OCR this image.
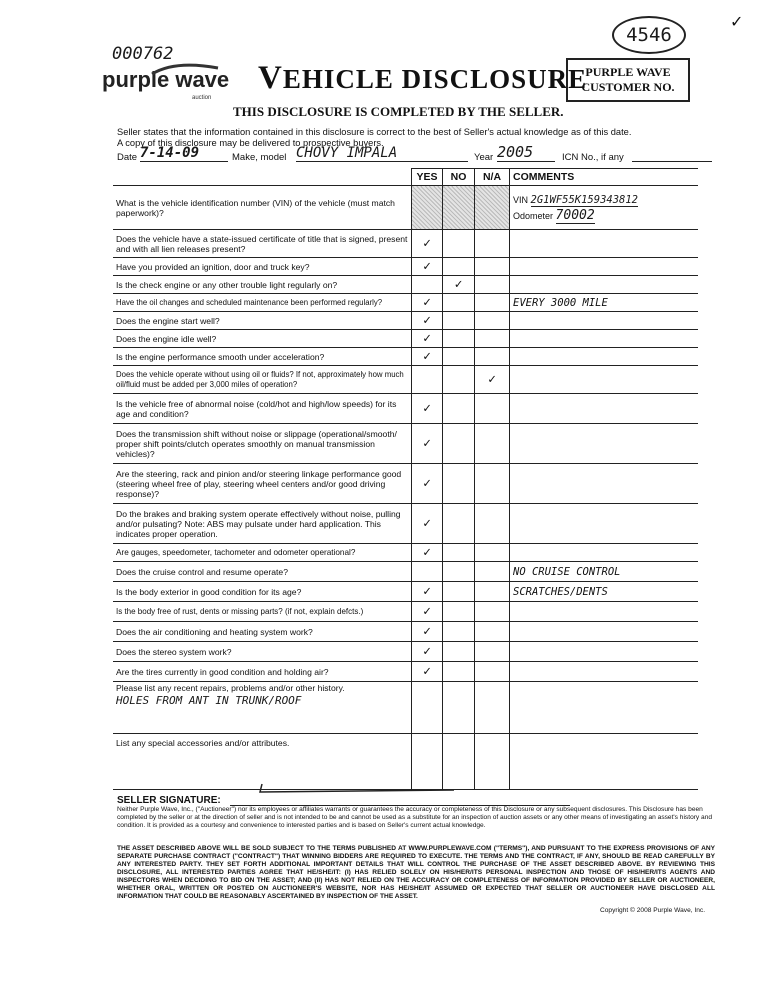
000762
4546
✓
purple wave
auction
VEHICLE DISCLOSURE
PURPLE WAVE
CUSTOMER NO.
THIS DISCLOSURE IS COMPLETED BY THE SELLER.
Seller states that the information contained in this disclosure is correct to the best of Seller's actual knowledge as of this date.
A copy of this disclosure may be delivered to prospective buyers.
Date 7-14-09	Make, model CHOVY IMPALA	Year 2005	ICN No., if any
	YES	NO	N/A	COMMENTS
What is the vehicle identification number (VIN) of the vehicle (must match paperwork)?				VIN 2G1WF55K159343812
Odometer 70002

Does the vehicle have a state-issued certificate of title that is signed, present and with all lien releases present?	✓			
Have you provided an ignition, door and truck key?	✓			
Is the check engine or any other trouble light regularly on?		✓		
Have the oil changes and scheduled maintenance been performed regularly?	✓			EVERY 3000 MILE
Does the engine start well?	✓			
Does the engine idle well?	✓			
Is the engine performance smooth under acceleration?	✓			
Does the vehicle operate without using oil or fluids? If not, approximately how much oil/fluid must be added per 3,000 miles of operation?			✓	
Is the vehicle free of abnormal noise (cold/hot and high/low speeds) for its age and condition?	✓			
Does the transmission shift without noise or slippage (operational/smooth/ proper shift points/clutch operates smoothly on manual transmission vehicles)?	✓			
Are the steering, rack and pinion and/or steering linkage performance good (steering wheel free of play, steering wheel centers and/or good driving response)?	✓			
Do the brakes and braking system operate effectively without noise, pulling and/or pulsating? Note: ABS may pulsate under hard application. This indicates proper operation.	✓			
Are gauges, speedometer, tachometer and odometer operational?	✓			
Does the cruise control and resume operate?				NO CRUISE CONTROL
Is the body exterior in good condition for its age?	✓			SCRATCHES/DENTS
Is the body free of rust, dents or missing parts? (if not, explain defcts.)	✓			
Does the air conditioning and heating system work?	✓			
Does the stereo system work?	✓			
Are the tires currently in good condition and holding air?	✓			

Please list any recent repairs, problems and/or other history.
HOLES FROM ANT IN TRUNK/ROOF				

List any special accessories and/or attributes.				

SELLER SIGNATURE:
Neither Purple Wave, Inc., ("Auctioneer") nor its employees or affiliates warrants or guarantees the accuracy or completeness of this Disclosure or any subsequent disclosures. This Disclosure has been completed by the seller or at the direction of seller and is not intended to be and cannot be used as a substitute for an inspection of auction assets or any other means of investigating an asset's history and condition. It is provided as a courtesy and convenience to interested parties and is based on Seller's current actual knowledge.
THE ASSET DESCRIBED ABOVE WILL BE SOLD SUBJECT TO THE TERMS PUBLISHED AT WWW.PURPLEWAVE.COM ("TERMS"), AND PURSUANT TO THE EXPRESS PROVISIONS OF ANY SEPARATE PURCHASE CONTRACT ("CONTRACT") THAT WINNING BIDDERS ARE REQUIRED TO EXECUTE. THE TERMS AND THE CONTRACT, IF ANY, SHOULD BE READ CAREFULLY BY ANY INTERESTED PARTY. THEY SET FORTH ADDITIONAL IMPORTANT DETAILS THAT WILL CONTROL THE PURCHASE OF THE ASSET DESCRIBED ABOVE. BY REVIEWING THIS DISCLOSURE, ALL INTERESTED PARTIES AGREE THAT HE/SHE/IT: (I) HAS RELIED SOLELY ON HIS/HER/ITS PERSONAL INSPECTION AND THOSE OF HIS/HER/ITS AGENTS AND INSPECTORS WHEN DECIDING TO BID ON THE ASSET; AND (II) HAS NOT RELIED ON THE ACCURACY OR COMPLETENESS OF INFORMATION PROVIDED BY SELLER OR AUCTIONEER, WHETHER ORAL, WRITTEN OR POSTED ON AUCTIONEER'S WEBSITE, NOR HAS HE/SHE/IT ASSUMED OR EXPECTED THAT SELLER OR AUCTIONEER HAVE DISCLOSED ALL INFORMATION THAT COULD BE REASONABLY ASCERTAINED BY INSPECTION OF THE ASSET.
Copyright © 2008 Purple Wave, Inc.
